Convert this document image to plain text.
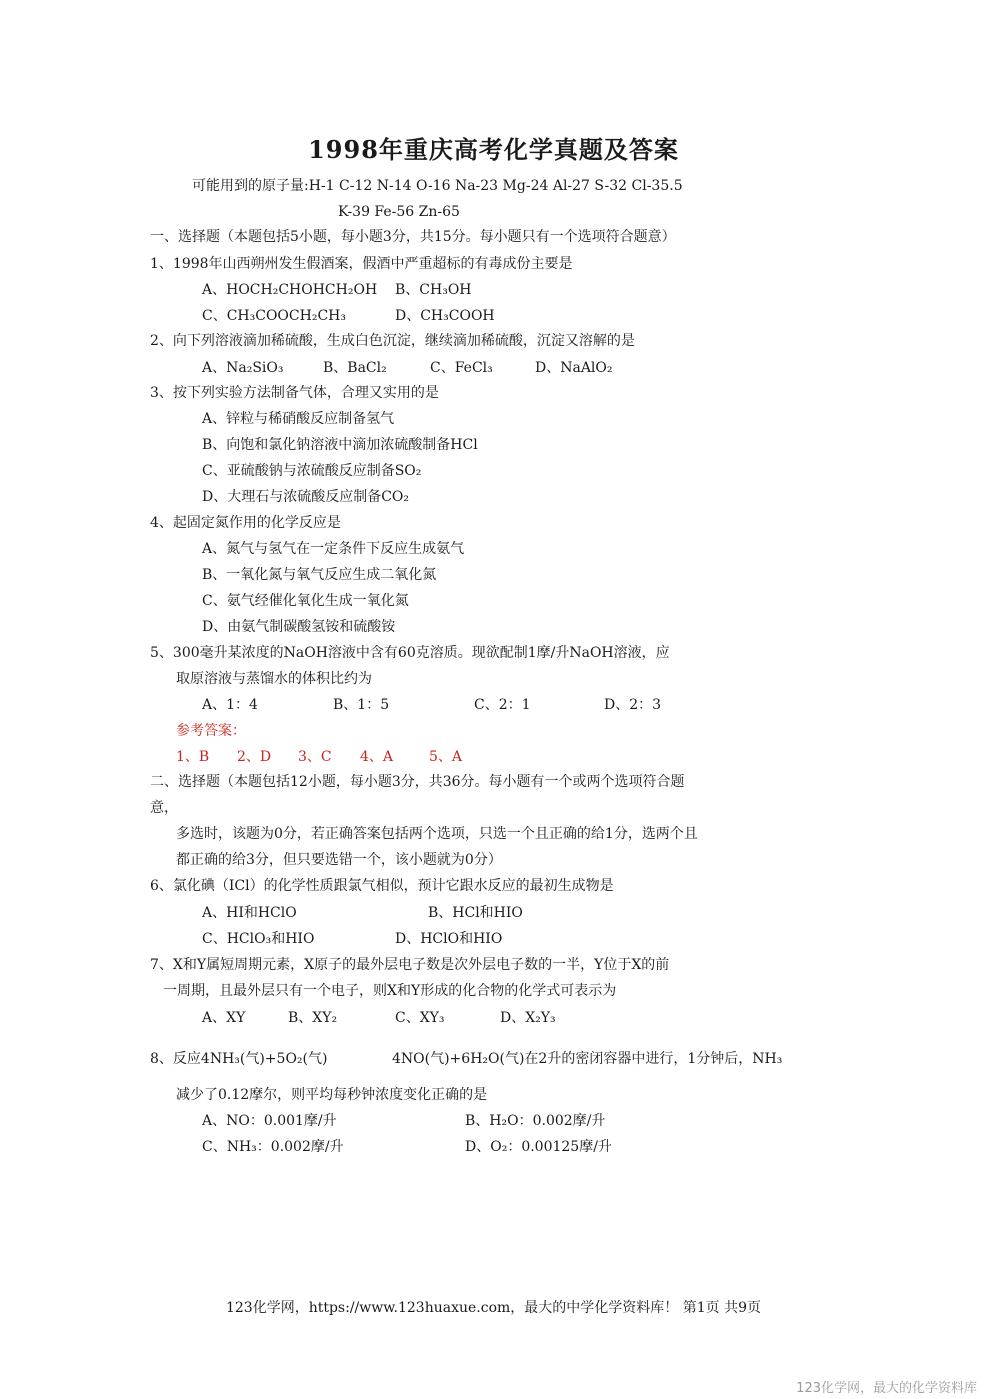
1998年重庆高考化学真题及答案
可能用到的原子量:H-1 C-12 N-14 O-16 Na-23 Mg-24 Al-27 S-32 Cl-35.5
K-39 Fe-56 Zn-65
一、选择题（本题包括5小题，每小题3分，共15分。每小题只有一个选项符合题意）
1、1998年山西朔州发生假酒案，假酒中严重超标的有毒成份主要是
A、HOCH₂CHOHCH₂OH B、CH₃OH
C、CH₃COOCH₂CH₃	D、CH₃COOH
2、向下列溶液滴加稀硫酸，生成白色沉淀，继续滴加稀硫酸，沉淀又溶解的是
A、Na₂SiO₃	B、BaCl₂	C、FeCl₃	D、NaAlO₂
3、按下列实验方法制备气体，合理又实用的是
A、锌粒与稀硝酸反应制备氢气
B、向饱和氯化钠溶液中滴加浓硫酸制备HCl
C、亚硫酸钠与浓硫酸反应制备SO₂
D、大理石与浓硫酸反应制备CO₂
4、起固定氮作用的化学反应是
A、氮气与氢气在一定条件下反应生成氨气
B、一氧化氮与氧气反应生成二氧化氮
C、氨气经催化氧化生成一氧化氮
D、由氨气制碳酸氢铵和硫酸铵
5、300毫升某浓度的NaOH溶液中含有60克溶质。现欲配制1摩/升NaOH溶液，应
取原溶液与蒸馏水的体积比约为
A、1：4	B、1：5	C、2：1	D、2：3
参考答案：
1、B 2、D 3、C 4、A	5、A
二、选择题（本题包括12小题，每小题3分，共36分。每小题有一个或两个选项符合题
意，
多选时，该题为0分，若正确答案包括两个选项，只选一个且正确的给1分，选两个且
都正确的给3分，但只要选错一个，该小题就为0分）
6、氯化碘（ICl）的化学性质跟氯气相似，预计它跟水反应的最初生成物是
A、HI和HClO	B、HCl和HIO
C、HClO₃和HIO	D、HClO和HIO
7、X和Y属短周期元素，X原子的最外层电子数是次外层电子数的一半，Y位于X的前
一周期，且最外层只有一个电子，则X和Y形成的化合物的化学式可表示为
A、XY	B、XY₂	C、XY₃	D、X₂Y₃
8、反应4NH₃(气)+5O₂(气)	4NO(气)+6H₂O(气)在2升的密闭容器中进行，1分钟后，NH₃
减少了0.12摩尔，则平均每秒钟浓度变化正确的是
A、NO：0.001摩/升	B、H₂O：0.002摩/升
C、NH₃：0.002摩/升	D、O₂：0.00125摩/升
123化学网，https://www.123huaxue.com，最大的中学化学资料库！ 第1页 共9页
123化学网，最大的化学资料库
